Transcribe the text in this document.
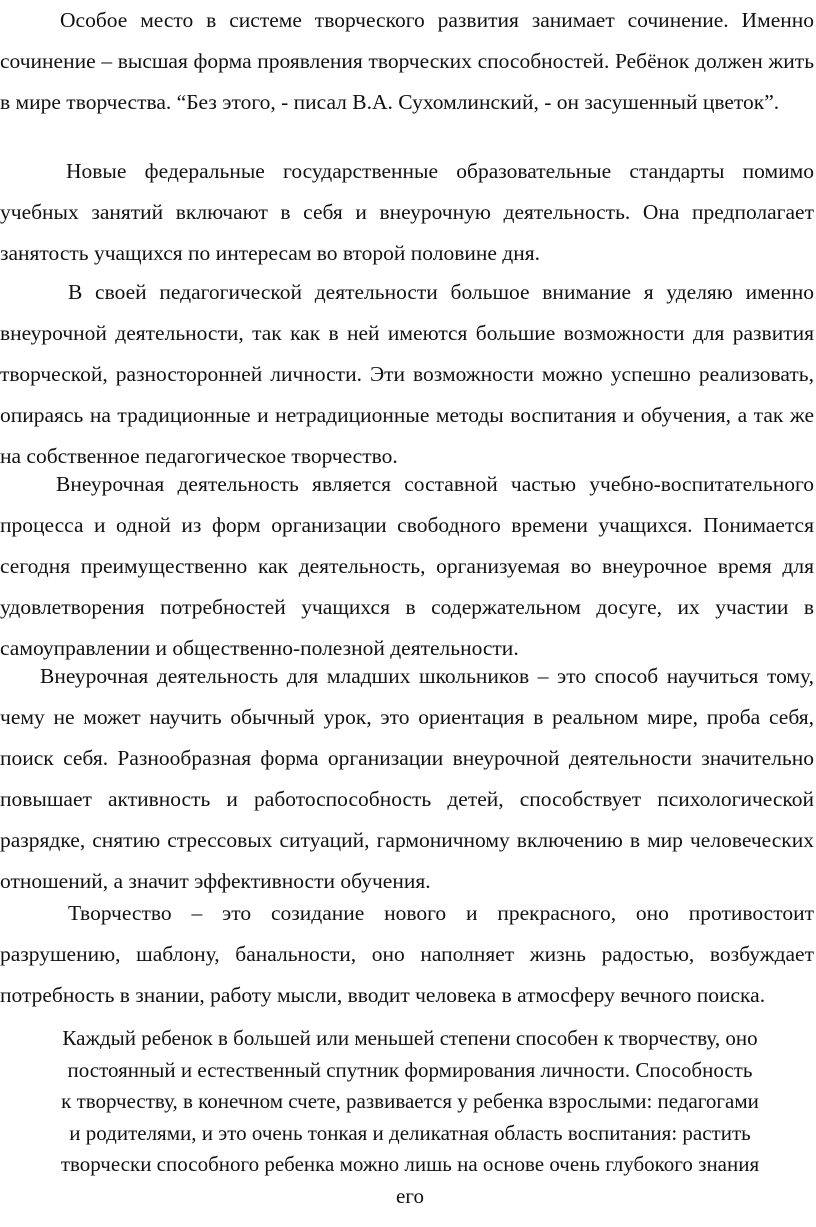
Особое место в системе творческого развития занимает сочинение. Именно сочинение – высшая форма проявления творческих способностей. Ребёнок должен жить в мире творчества. “Без этого, - писал В.А. Сухомлинский, - он засушенный цветок”.

Новые федеральные государственные образовательные стандарты помимо учебных занятий включают в себя и внеурочную деятельность. Она предполагает занятость учащихся по интересам во второй половине дня.

В своей педагогической деятельности большое внимание я уделяю именно внеурочной деятельности, так как в ней имеются большие возможности для развития творческой, разносторонней личности. Эти возможности можно успешно реализовать, опираясь на традиционные и нетрадиционные методы воспитания и обучения, а так же на собственное педагогическое творчество.

Внеурочная деятельность является составной частью учебно-воспитательного процесса и одной из форм организации свободного времени учащихся. Понимается сегодня преимущественно как деятельность, организуемая во внеурочное время для удовлетворения потребностей учащихся в содержательном досуге, их участии в самоуправлении и общественно-полезной деятельности.

Внеурочная деятельность для младших школьников – это способ научиться тому, чему не может научить обычный урок, это ориентация в реальном мире, проба себя, поиск себя. Разнообразная форма организации внеурочной деятельности значительно повышает активность и работоспособность детей, способствует психологической разрядке, снятию стрессовых ситуаций, гармоничному включению в мир человеческих отношений, а значит эффективности обучения.

Творчество – это созидание нового и прекрасного, оно противостоит разрушению, шаблону, банальности, оно наполняет жизнь радостью, возбуждает потребность в знании, работу мысли, вводит человека в атмосферу вечного поиска.

Каждый ребенок в большей или меньшей степени способен к творчеству, оно постоянный и естественный спутник формирования личности. Способность к творчеству, в конечном счете, развивается у ребенка взрослыми: педагогами и родителями, и это очень тонкая и деликатная область воспитания: растить творчески способного ребенка можно лишь на основе очень глубокого знания его
